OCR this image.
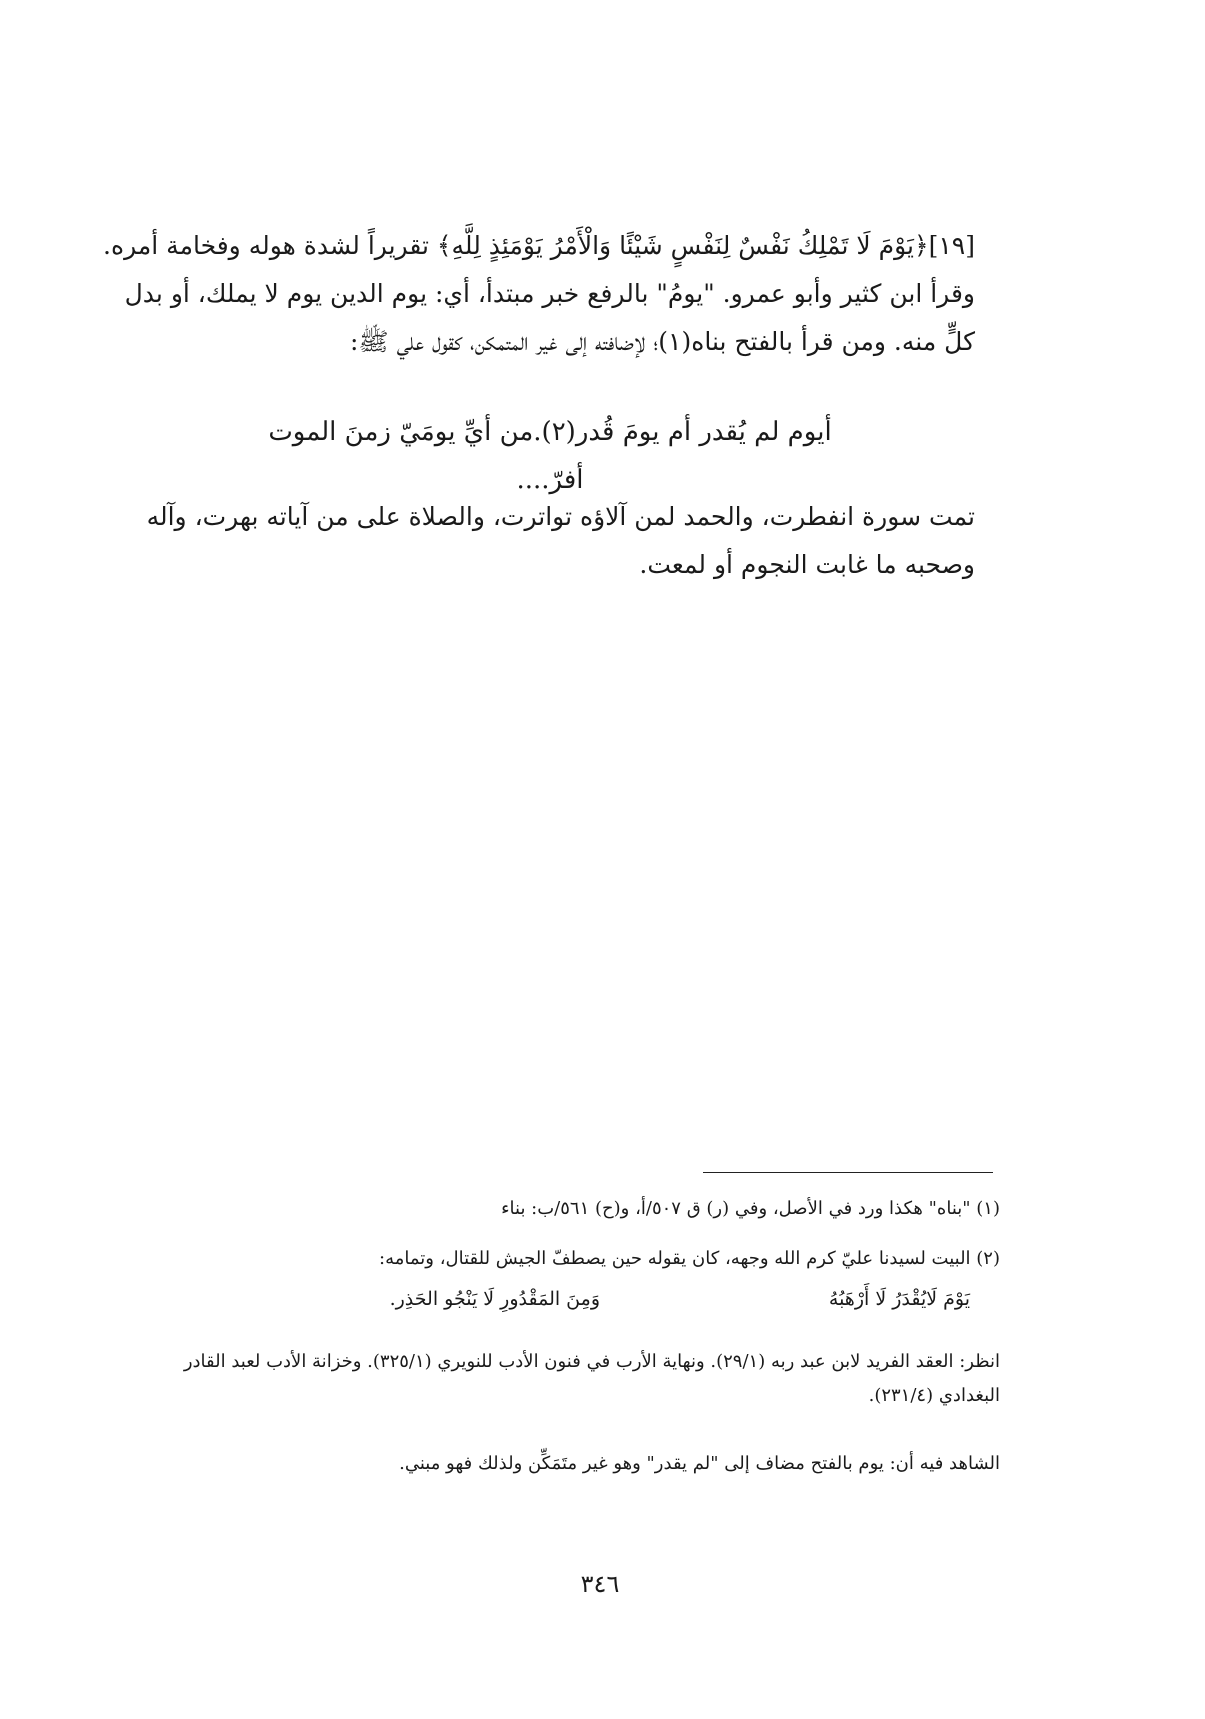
[١٩]﴿يَوْمَ لَا تَمْلِكُ نَفْسٌ لِنَفْسٍ شَيْئًا وَالْأَمْرُ يَوْمَئِذٍ لِلَّهِ﴾ تقريراً لشدة هوله وفخامة أمره. وقرأ ابن كثير وأبو عمرو. "يومُ" بالرفع خبر مبتدأ، أي: يوم الدين يوم لا يملك، أو بدل كلٍّ منه. ومن قرأ بالفتح بناه(١)؛ لإضافته إلى غير المتمكن، كقول علي ﷺ:
أيوم لم يُقدر أم يومَ قُدر(٢).من أيِّ يومَيّ زمنَ الموت أفرّ....
تمت سورة انفطرت، والحمد لمن آلاؤه تواترت، والصلاة على من آياته بهرت، وآله وصحبه ما غابت النجوم أو لمعت.
(١) "بناه" هكذا ورد في الأصل، وفي (ر) ق ٥٠٧/أ، و(ح) ٥٦١/ب: بناء
(٢) البيت لسيدنا عليّ كرم الله وجهه، كان يقوله حين يصطفّ الجيش للقتال، وتمامه:
يَوْمَ لَايُقْدَرُ لَا أَرْهَبُهُ
وَمِنَ المَقْدُورِ لَا يَنْجُو الحَذِر.
انظر: العقد الفريد لابن عبد ربه (٢٩/١). ونهاية الأرب في فنون الأدب للنويري (٣٢٥/١). وخزانة الأدب لعبد القادر البغدادي (٢٣١/٤).
الشاهد فيه أن: يوم بالفتح مضاف إلى "لم يقدر" وهو غير متَمَكِّن ولذلك فهو مبني.
٣٤٦
